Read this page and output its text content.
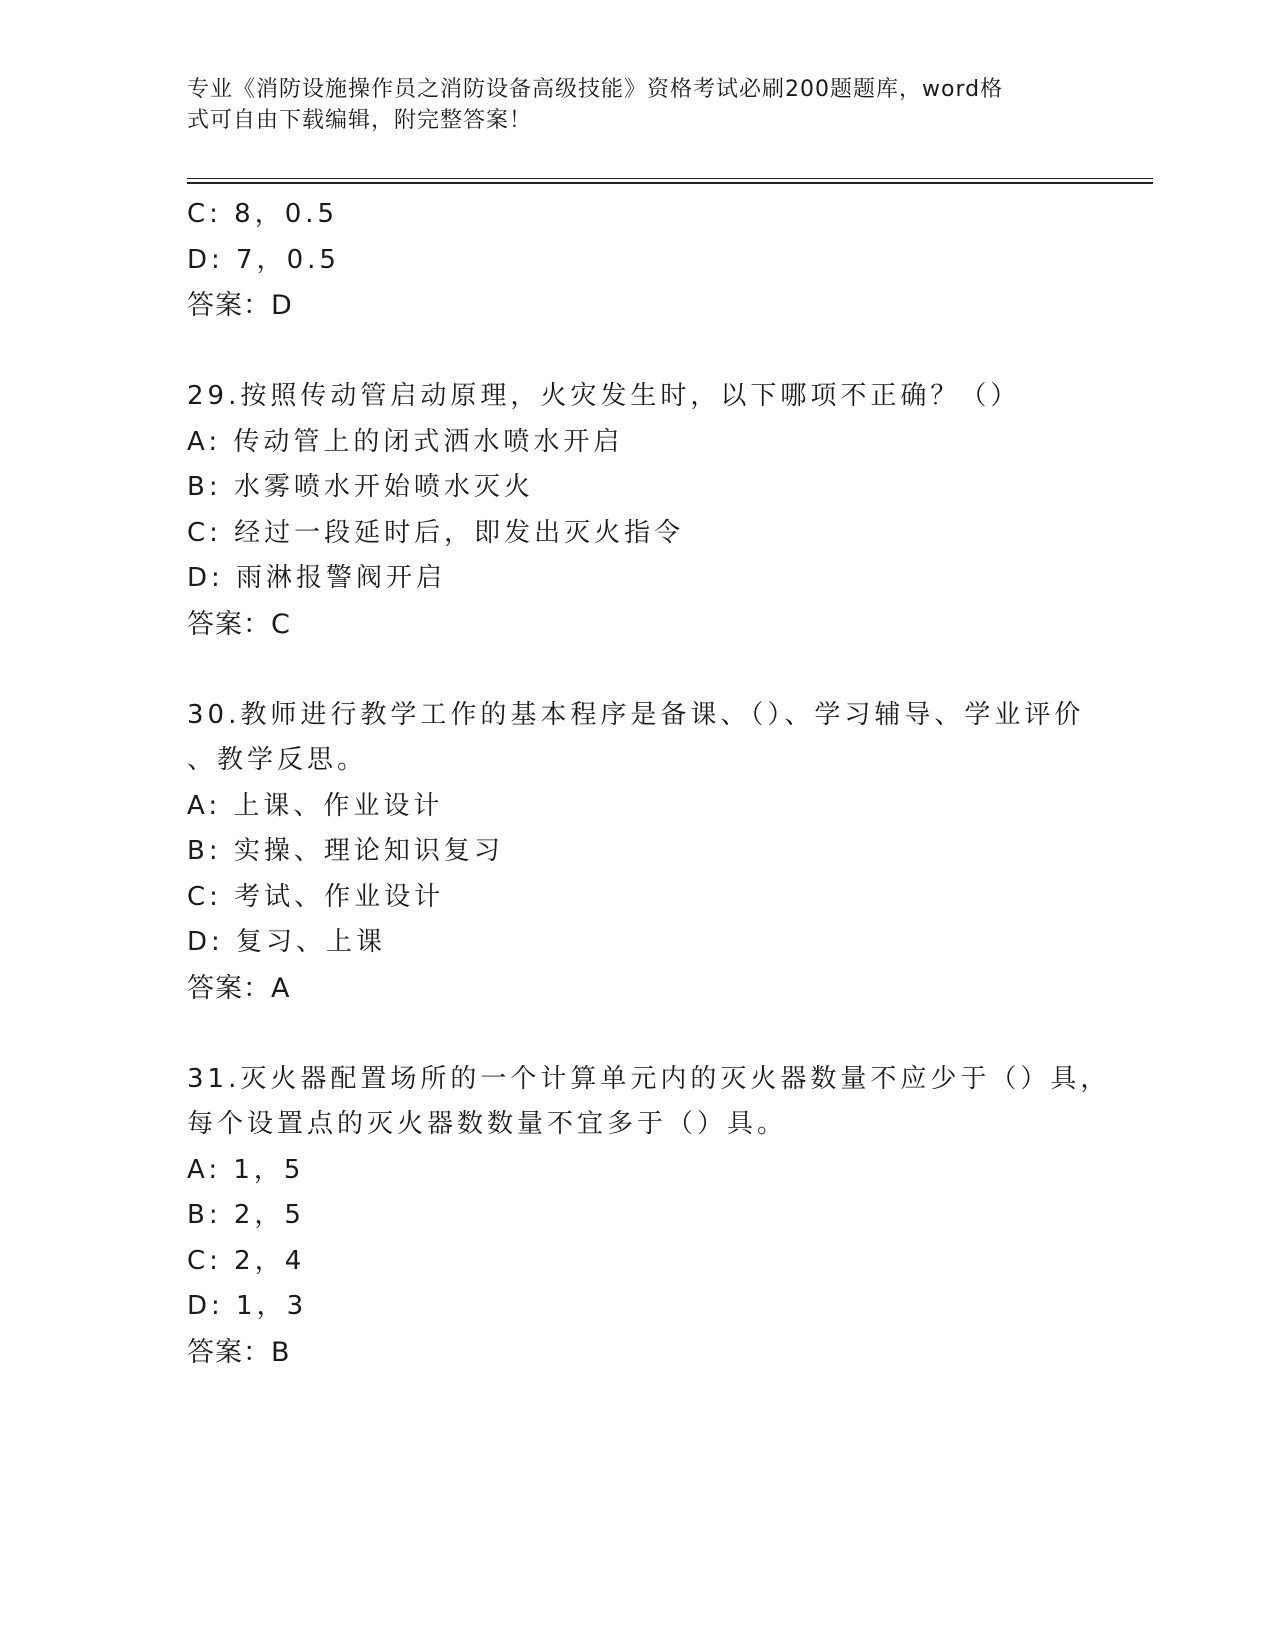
专业《消防设施操作员之消防设备高级技能》资格考试必刷200题题库，word格
式可自由下载编辑，附完整答案！
C: 8，0.5
D: 7，0.5
答案：D
29.按照传动管启动原理，火灾发生时，以下哪项不正确？（）
A: 传动管上的闭式洒水喷水开启
B: 水雾喷水开始喷水灭火
C: 经过一段延时后，即发出灭火指令
D: 雨淋报警阀开启
答案：C
30.教师进行教学工作的基本程序是备课、（）、学习辅导、学业评价
、教学反思。
A: 上课、作业设计
B: 实操、理论知识复习
C: 考试、作业设计
D: 复习、上课
答案：A
31.灭火器配置场所的一个计算单元内的灭火器数量不应少于（）具，
每个设置点的灭火器数数量不宜多于（）具。
A: 1，5
B: 2，5
C: 2，4
D: 1，3
答案：B
